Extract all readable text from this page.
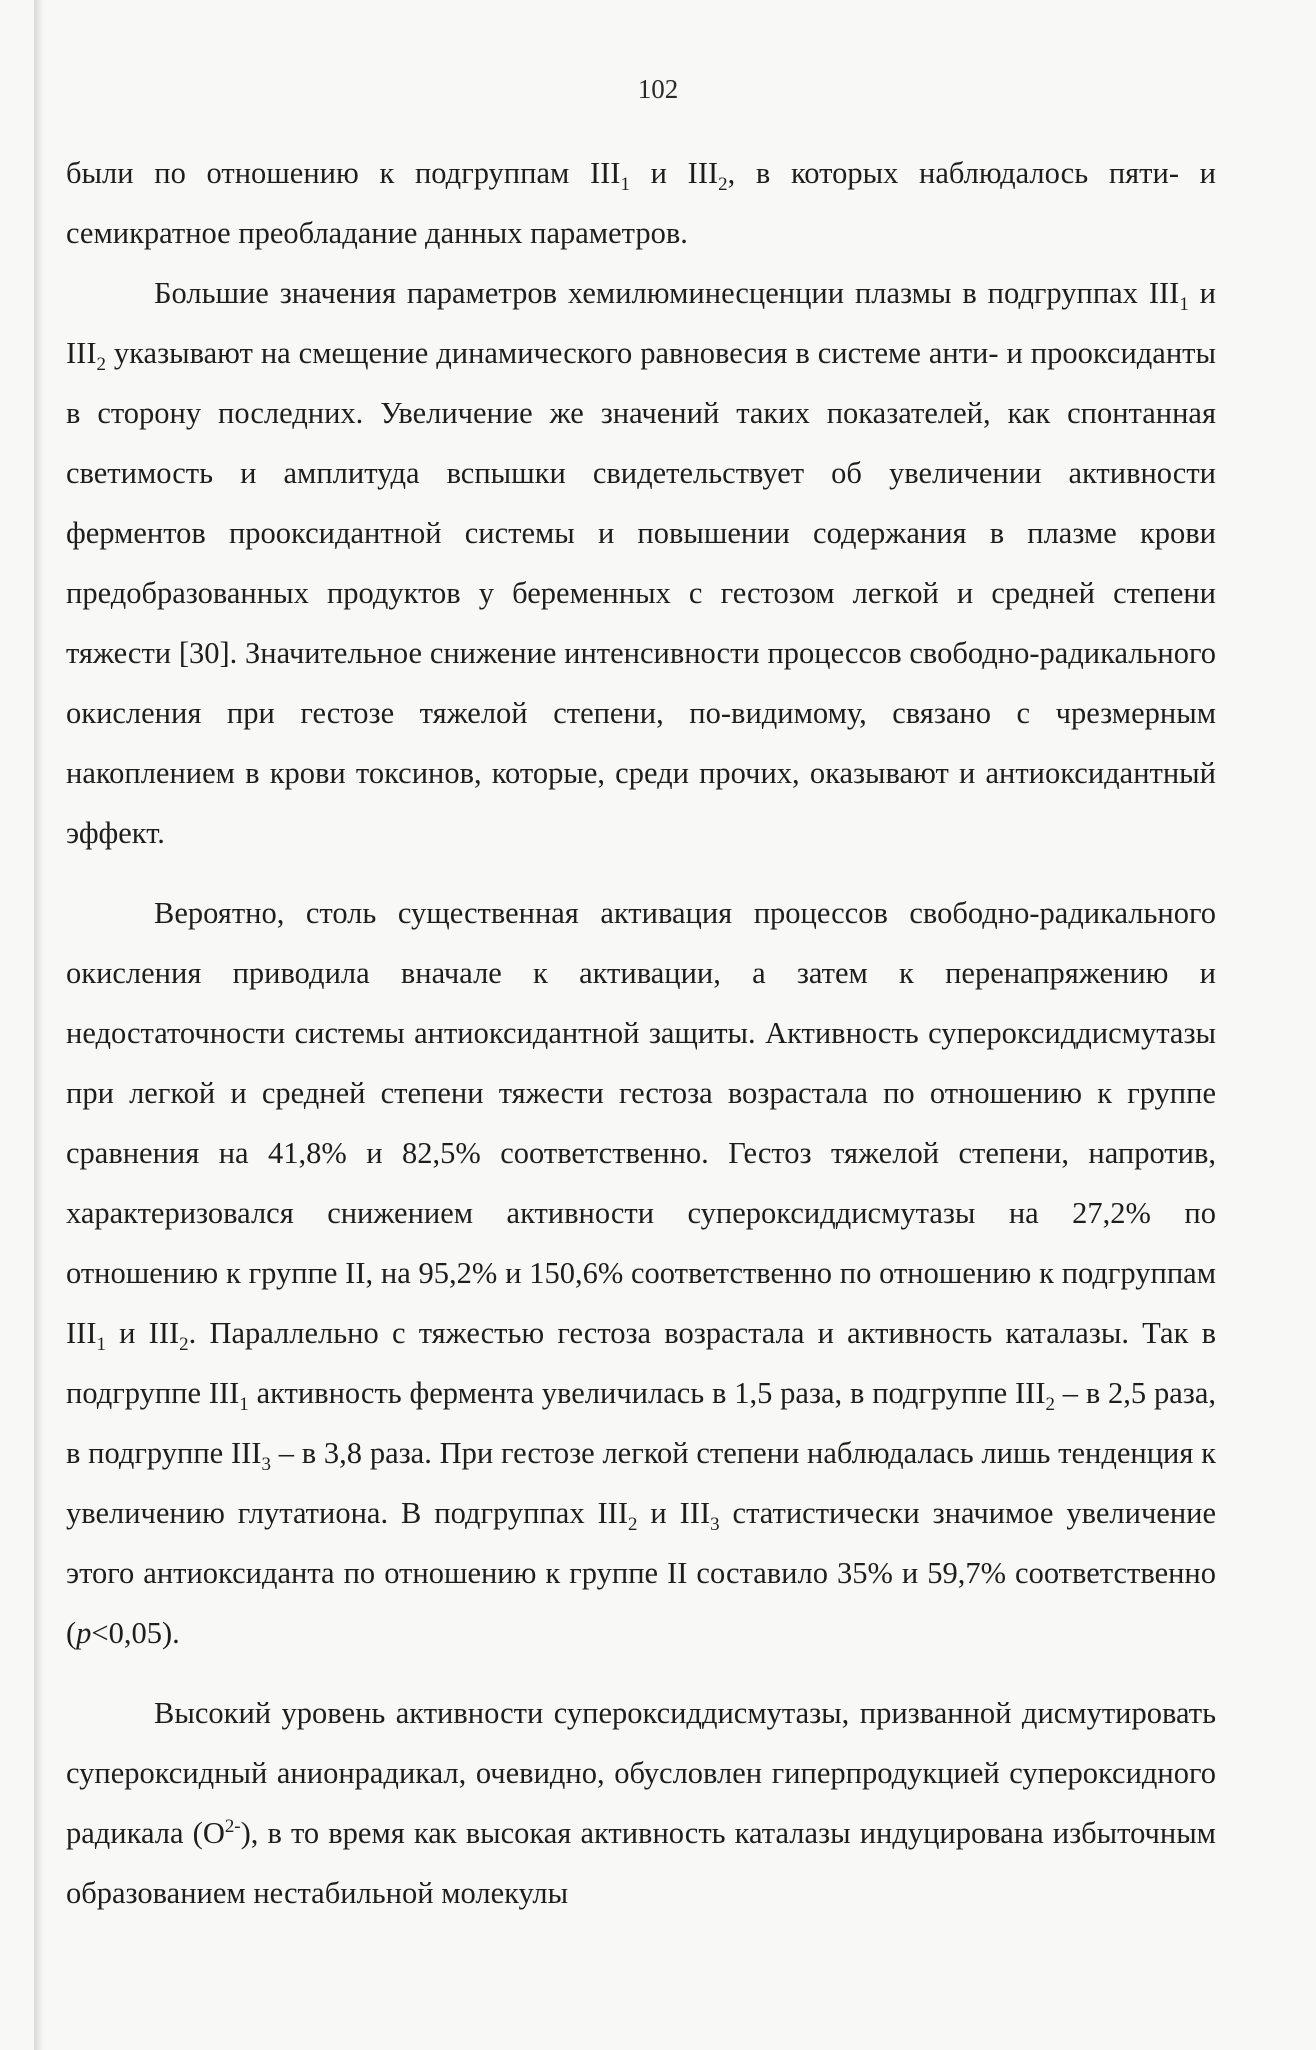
102

были по отношению к подгруппам $III_1$ и $III_2$, в которых наблюдалось пяти- и семикратное преобладание данных параметров.

Большие значения параметров хемилюминесценции плазмы в подгруппах $III_1$ и $III_2$ указывают на смещение динамического равновесия в системе анти- и прооксиданты в сторону последних. Увеличение же значений таких показателей, как спонтанная светимость и амплитуда вспышки свидетельствует об увеличении активности ферментов прооксидантной системы и повышении содержания в плазме крови предобразованных продуктов у беременных с гестозом легкой и средней степени тяжести [30]. Значительное снижение интенсивности процессов свободно-радикального окисления при гестозе тяжелой степени, по-видимому, связано с чрезмерным накоплением в крови токсинов, которые, среди прочих, оказывают и антиоксидантный эффект.

Вероятно, столь существенная активация процессов свободно-радикального окисления приводила вначале к активации, а затем к перенапряжению и недостаточности системы антиоксидантной защиты. Активность супероксиддисмутазы при легкой и средней степени тяжести гестоза возрастала по отношению к группе сравнения на 41,8% и 82,5% соответственно. Гестоз тяжелой степени, напротив, характеризовался снижением активности супероксиддисмутазы на 27,2% по отношению к группе II, на 95,2% и 150,6% соответственно по отношению к подгруппам $III_1$ и $III_2$. Параллельно с тяжестью гестоза возрастала и активность каталазы. Так в подгруппе $III_1$ активность фермента увеличилась в 1,5 раза, в подгруппе $III_2$ – в 2,5 раза, в подгруппе $III_3$ – в 3,8 раза. При гестозе легкой степени наблюдалась лишь тенденция к увеличению глутатиона. В подгруппах $III_2$ и $III_3$ статистически значимое увеличение этого антиоксиданта по отношению к группе II составило 35% и 59,7% соответственно (p<0,05).

Высокий уровень активности супероксиддисмутазы, призванной дисмутировать супероксидный анионрадикал, очевидно, обусловлен гиперпродукцией супероксидного радикала $(O^{2-})$, в то время как высокая активность каталазы индуцирована избыточным образованием нестабильной молекулы
